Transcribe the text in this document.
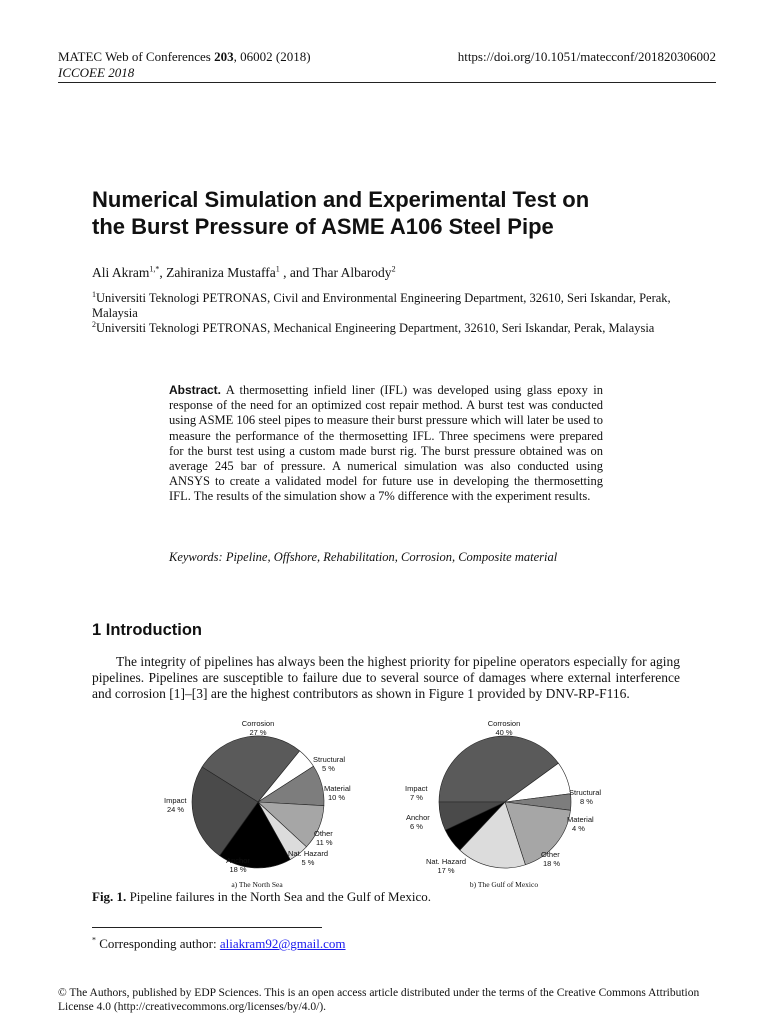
MATEC Web of Conferences 203, 06002 (2018)	https://doi.org/10.1051/matecconf/201820306002
ICCOEE 2018
Numerical Simulation and Experimental Test on
the Burst Pressure of ASME A106 Steel Pipe
Ali Akram$^{1,*}$, Zahiraniza Mustaffa$^1$ , and Thar Albarody$^2$
$^1$Universiti Teknologi PETRONAS, Civil and Environmental Engineering Department, 32610, Seri Iskandar, Perak, Malaysia
$^2$Universiti Teknologi PETRONAS, Mechanical Engineering Department, 32610, Seri Iskandar, Perak, Malaysia
Abstract. A thermosetting infield liner (IFL) was developed using glass epoxy in response of the need for an optimized cost repair method. A burst test was conducted using ASME 106 steel pipes to measure their burst pressure which will later be used to measure the performance of the thermosetting IFL. Three specimens were prepared for the burst test using a custom made burst rig. The burst pressure obtained was on average 245 bar of pressure. A numerical simulation was also conducted using ANSYS to create a validated model for future use in developing the thermosetting IFL. The results of the simulation show a 7% difference with the experiment results.
Keywords: Pipeline, Offshore, Rehabilitation, Corrosion, Composite material
1 Introduction
The integrity of pipelines has always been the highest priority for pipeline operators especially for aging pipelines. Pipelines are susceptible to failure due to several source of damages where external interference and corrosion [1]–[3] are the highest contributors as shown in Figure 1 provided by DNV-RP-F116.
Corrosion
27 %
Structural
5 %
Material
10 %
Other
11 %
Nat. Hazard
5 %
Anchor
18 %
Impact
24 %
a) The North Sea
Corrosion
40 %
Structural
8 %
Material
4 %
Other
18 %
Nat. Hazard
17 %
Anchor
6 %
Impact
7 %
b) The Gulf of Mexico
Fig. 1. Pipeline failures in the North Sea and the Gulf of Mexico.
* Corresponding author: aliakram92@gmail.com
© The Authors, published by EDP Sciences. This is an open access article distributed under the terms of the Creative Commons Attribution License 4.0 (http://creativecommons.org/licenses/by/4.0/).
